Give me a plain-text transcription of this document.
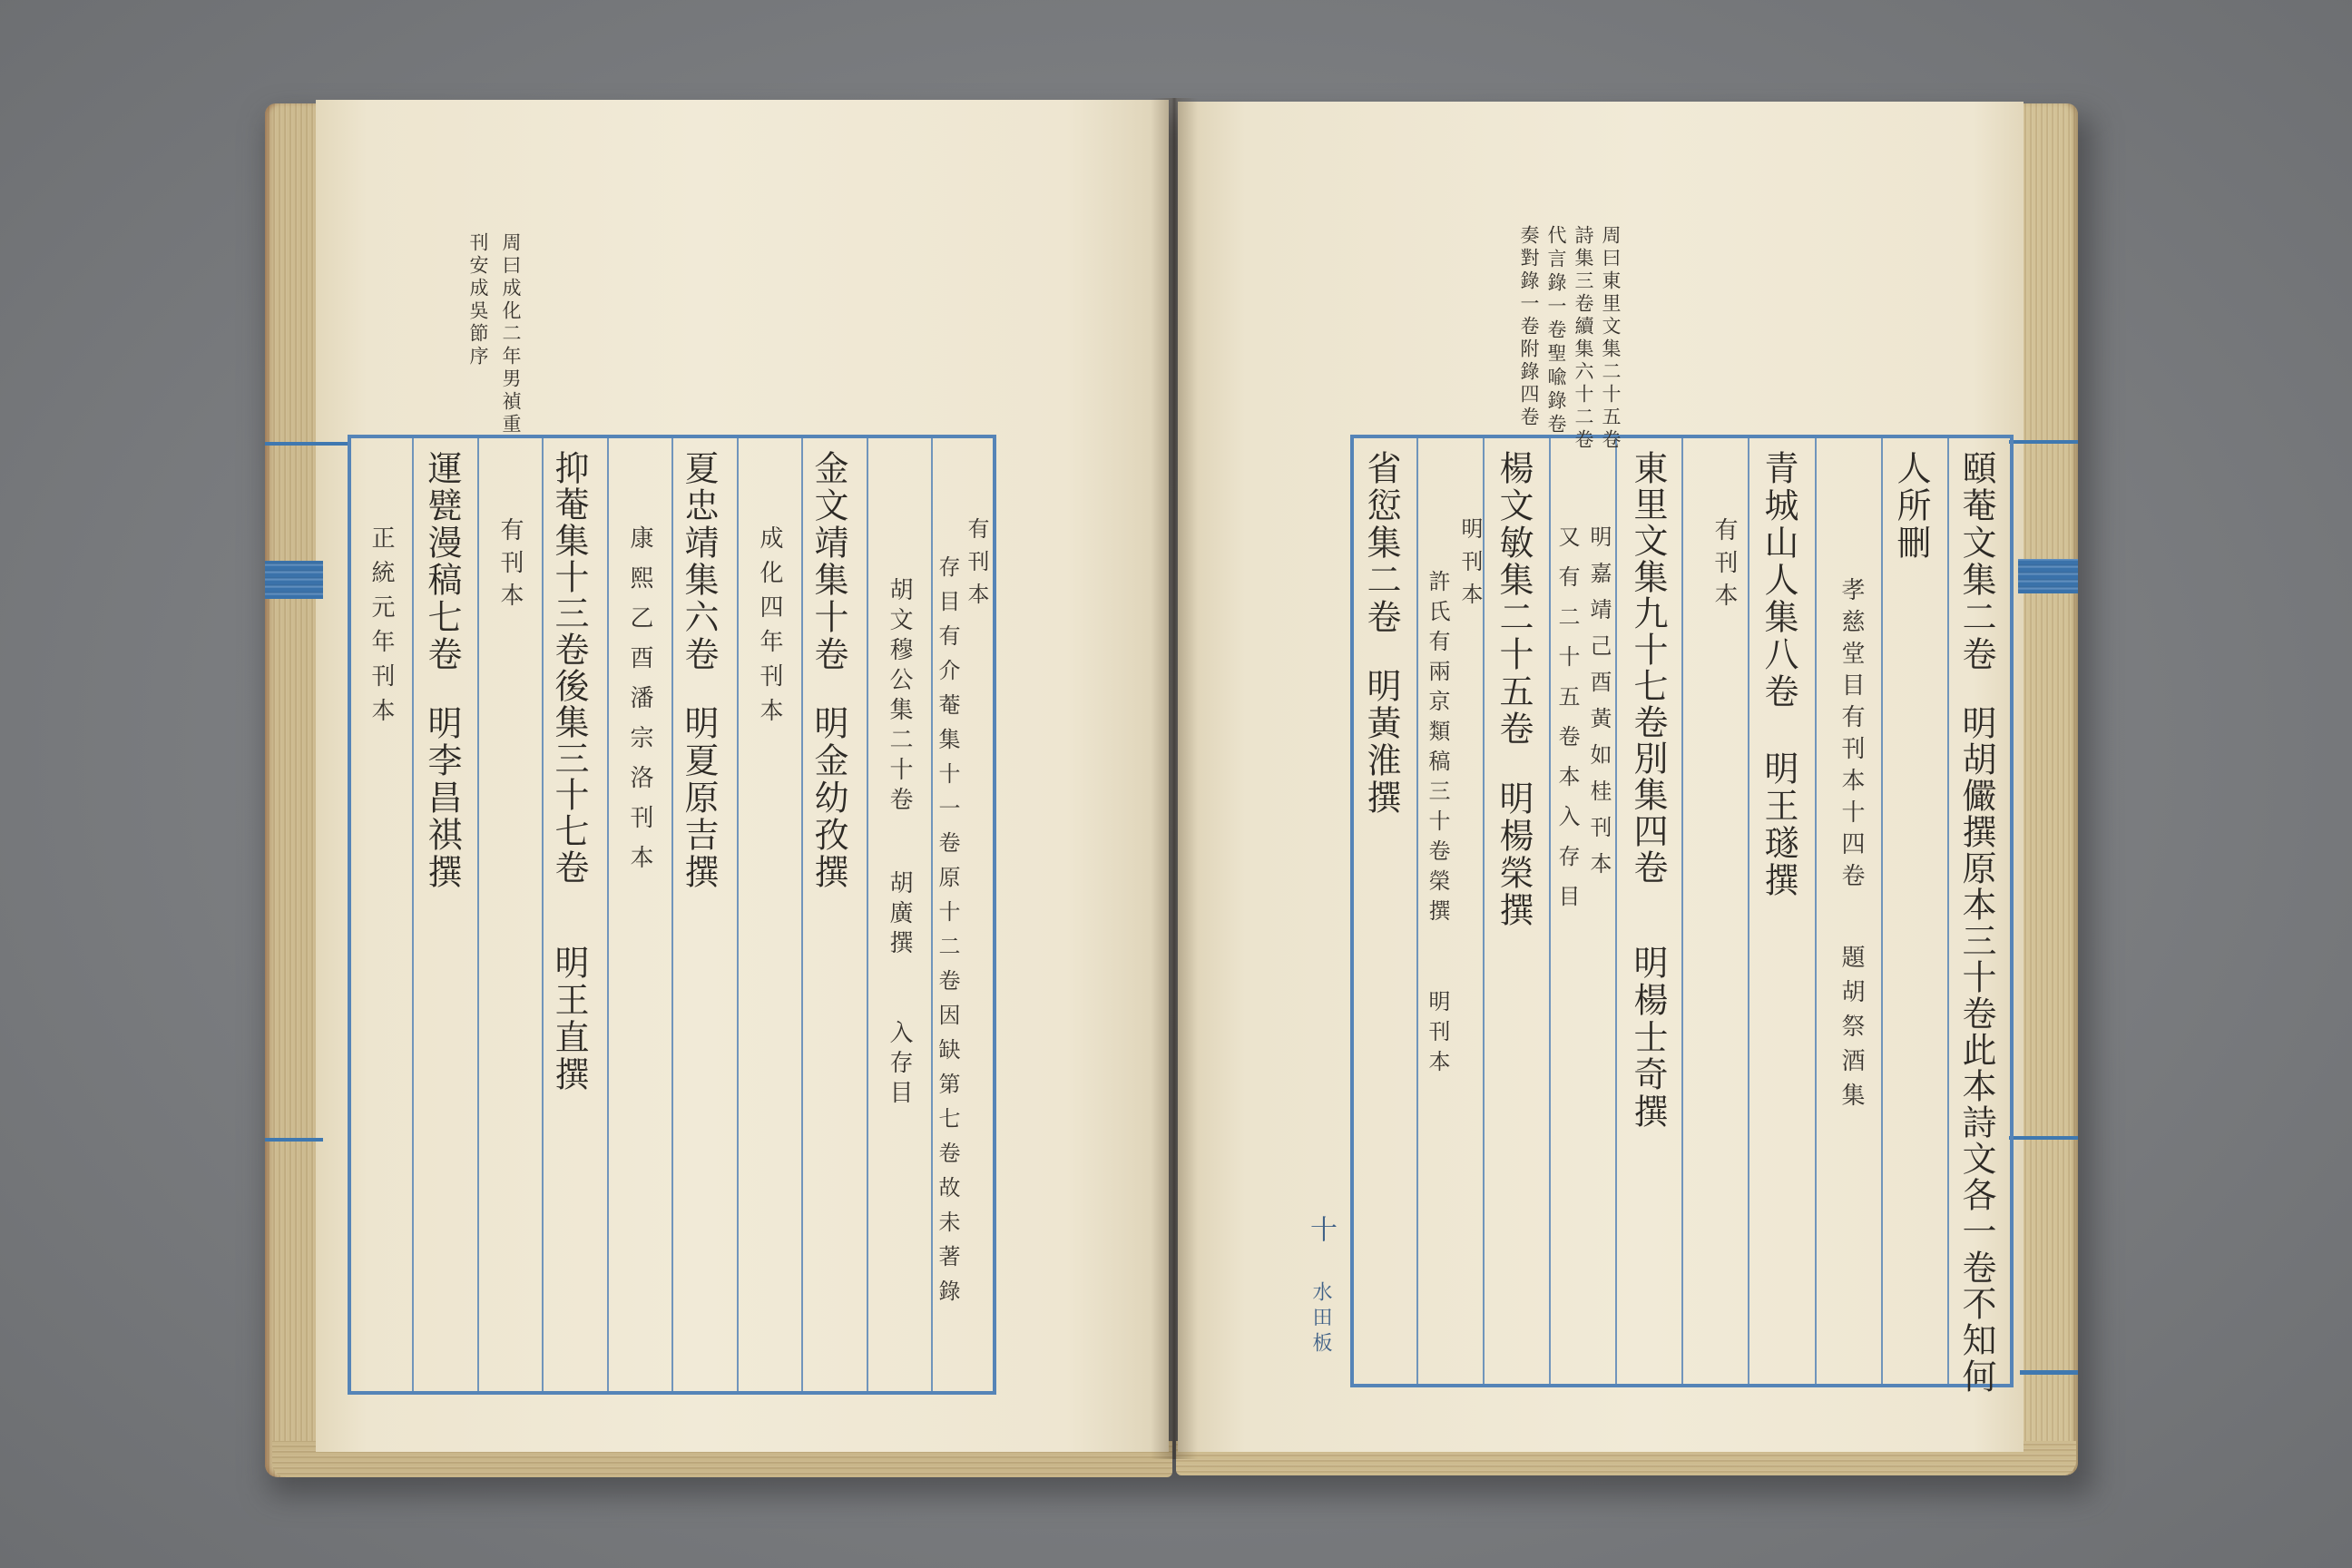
周曰成化二年男禎重
刊安成吳節序
有刊本
存目有介菴集十一卷原十二卷因缺第七卷故未著錄
胡文穆公集二十卷
胡廣撰
入存目
金文靖集十卷
明金幼孜撰
成化四年刊本
夏忠靖集六卷
明夏原吉撰
康熙乙酉潘宗洛刊本
抑菴集十三卷後集三十七卷
明王直撰
有刊本
運甓漫稿七卷
明李昌祺撰
正統元年刊本
周曰東里文集二十五卷
詩集三卷續集六十二卷
代言錄一卷聖喩錄卷
奏對錄一卷附錄四卷
頤菴文集二卷
明胡儼撰原本三十卷此本詩文各一卷不知何
人所刪
孝慈堂目有刊本十四卷
題胡祭酒集
青城山人集八卷
明王璲撰
有刊本
東里文集九十七卷別集四卷
明楊士奇撰
明嘉靖己酉黃如桂刊本
又有二十五卷本入存目
楊文敏集二十五卷
明楊榮撰
明刊本
許氏有兩京類稿三十卷榮撰
明刊本
省愆集二卷
明黃淮撰
十
水田板
